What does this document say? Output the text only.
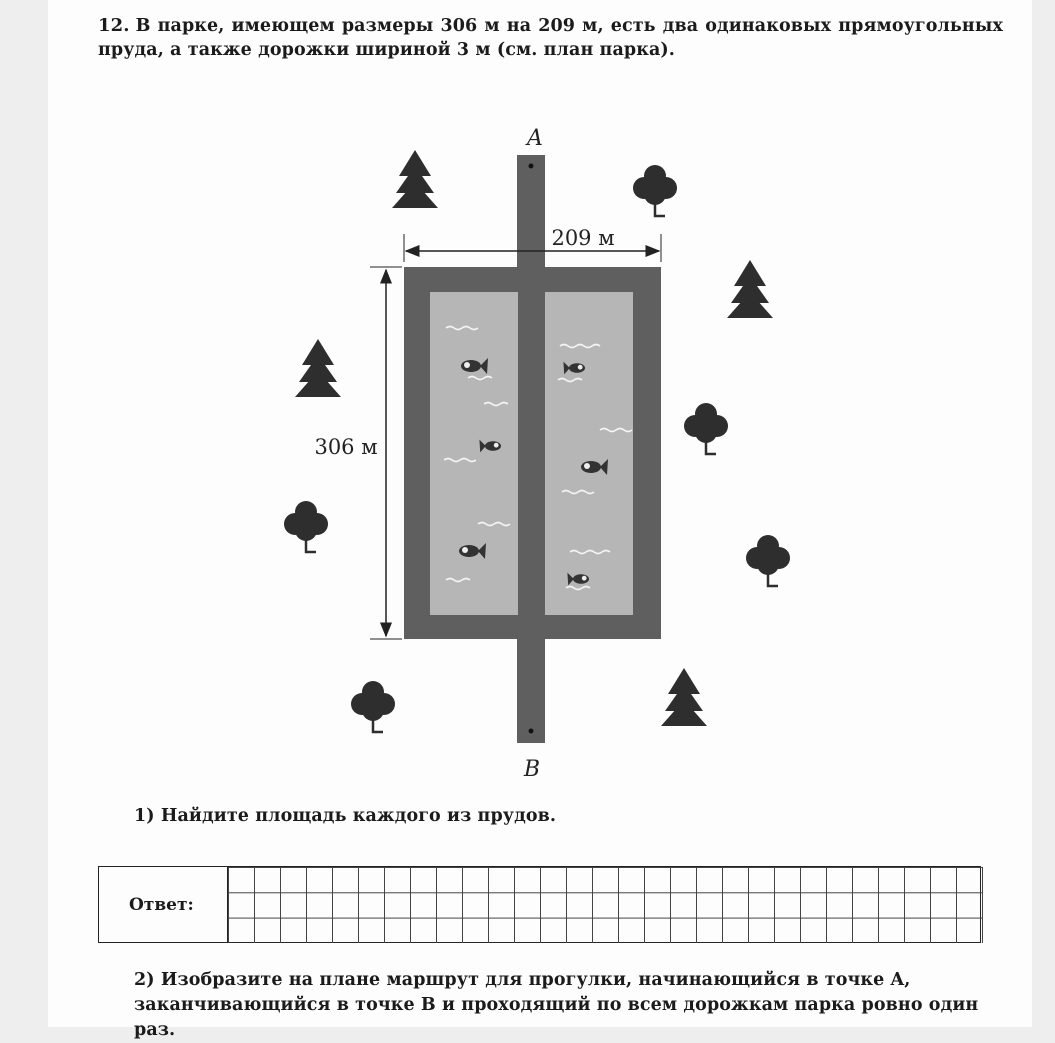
12. В парке, имеющем размеры 306 м на 209 м, есть два одинаковых прямоугольных пруда, а также дорожки шириной 3 м (см. план парка).
A
B
209 м
306 м
1) Найдите площадь каждого из прудов.
Ответ:
2) Изобразите на плане маршрут для прогулки, начинающийся в точке A, заканчивающийся в точке B и проходящий по всем дорожкам парка ровно один раз.
